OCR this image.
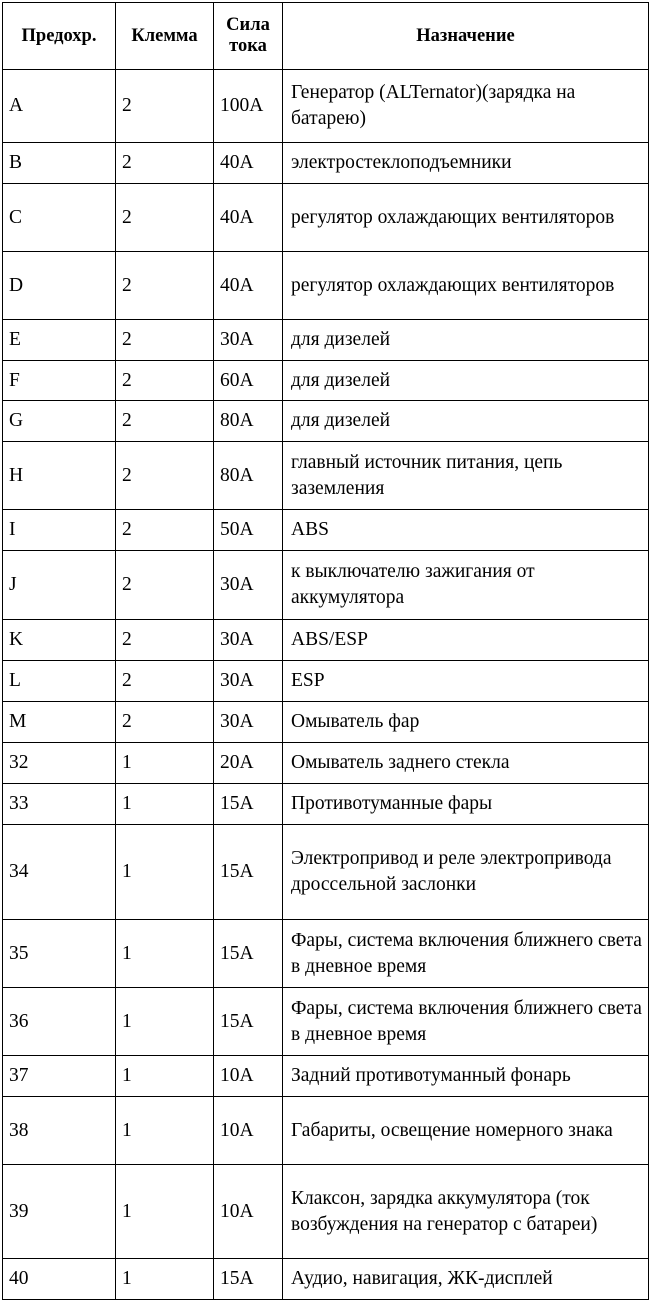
Предохр.	Клемма	Сила тока	Назначение
A	2	100A	Генератор (ALTernator)(зарядка на батарею)
B	2	40A	электростеклоподъемники
C	2	40A	регулятор охлаждающих вентиляторов
D	2	40A	регулятор охлаждающих вентиляторов
E	2	30A	для дизелей
F	2	60A	для дизелей
G	2	80A	для дизелей
H	2	80A	главный источник питания, цепь заземления
I	2	50A	ABS
J	2	30A	к выключателю зажигания от аккумулятора
K	2	30A	ABS/ESP
L	2	30A	ESP
M	2	30A	Омыватель фар
32	1	20A	Омыватель заднего стекла
33	1	15A	Противотуманные фары
34	1	15A	Электропривод и реле электропривода дроссельной заслонки
35	1	15A	Фары, система включения ближнего света в дневное время
36	1	15A	Фары, система включения ближнего света в дневное время
37	1	10A	Задний противотуманный фонарь
38	1	10A	Габариты, освещение номерного знака
39	1	10A	Клаксон, зарядка аккумулятора (ток возбуждения на генератор с батареи)
40	1	15A	Аудио, навигация, ЖК-дисплей
